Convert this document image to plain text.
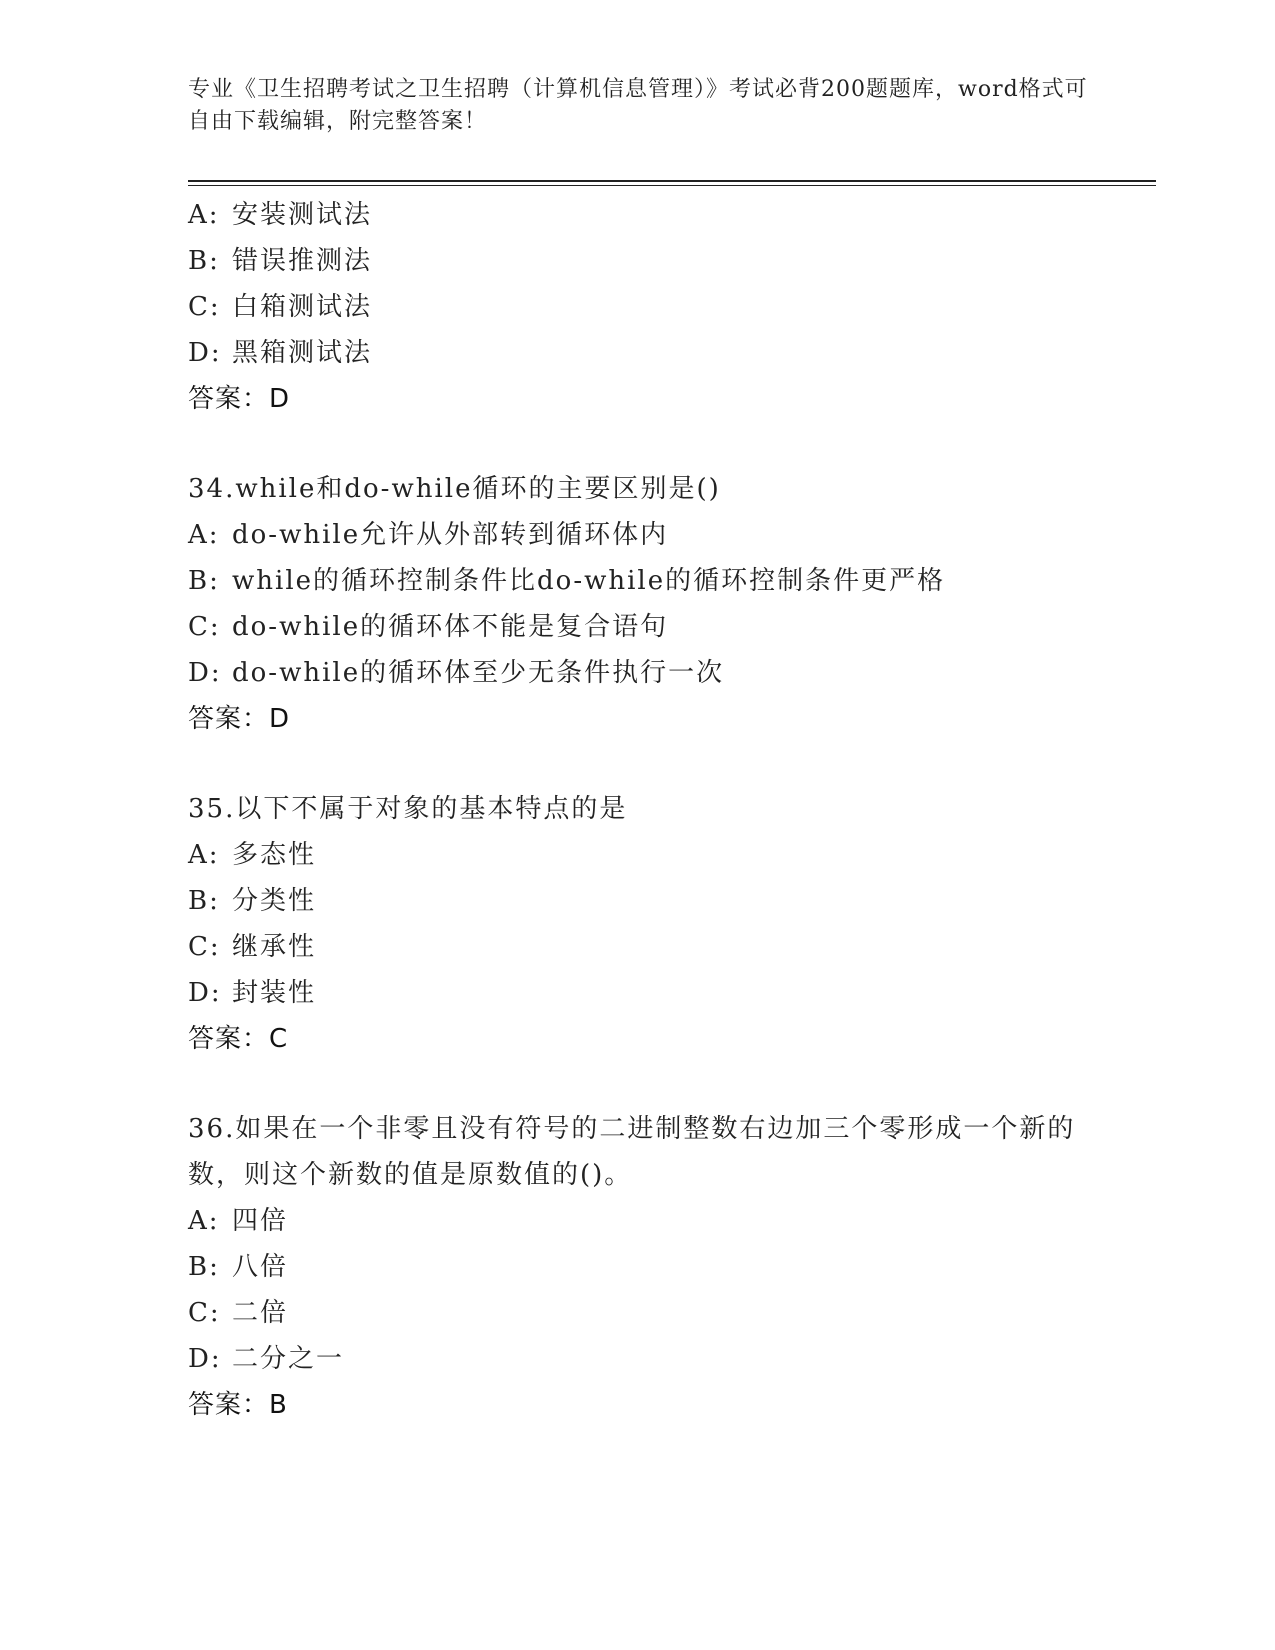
专业《卫生招聘考试之卫生招聘（计算机信息管理）》考试必背200题题库，word格式可自由下载编辑，附完整答案！
A: 安装测试法
B: 错误推测法
C: 白箱测试法
D: 黑箱测试法
答案：D
34.while和do-while循环的主要区别是()
A: do-while允许从外部转到循环体内
B: while的循环控制条件比do-while的循环控制条件更严格
C: do-while的循环体不能是复合语句
D: do-while的循环体至少无条件执行一次
答案：D
35.以下不属于对象的基本特点的是
A: 多态性
B: 分类性
C: 继承性
D: 封装性
答案：C
36.如果在一个非零且没有符号的二进制整数右边加三个零形成一个新的数，则这个新数的值是原数值的()。
A: 四倍
B: 八倍
C: 二倍
D: 二分之一
答案：B
